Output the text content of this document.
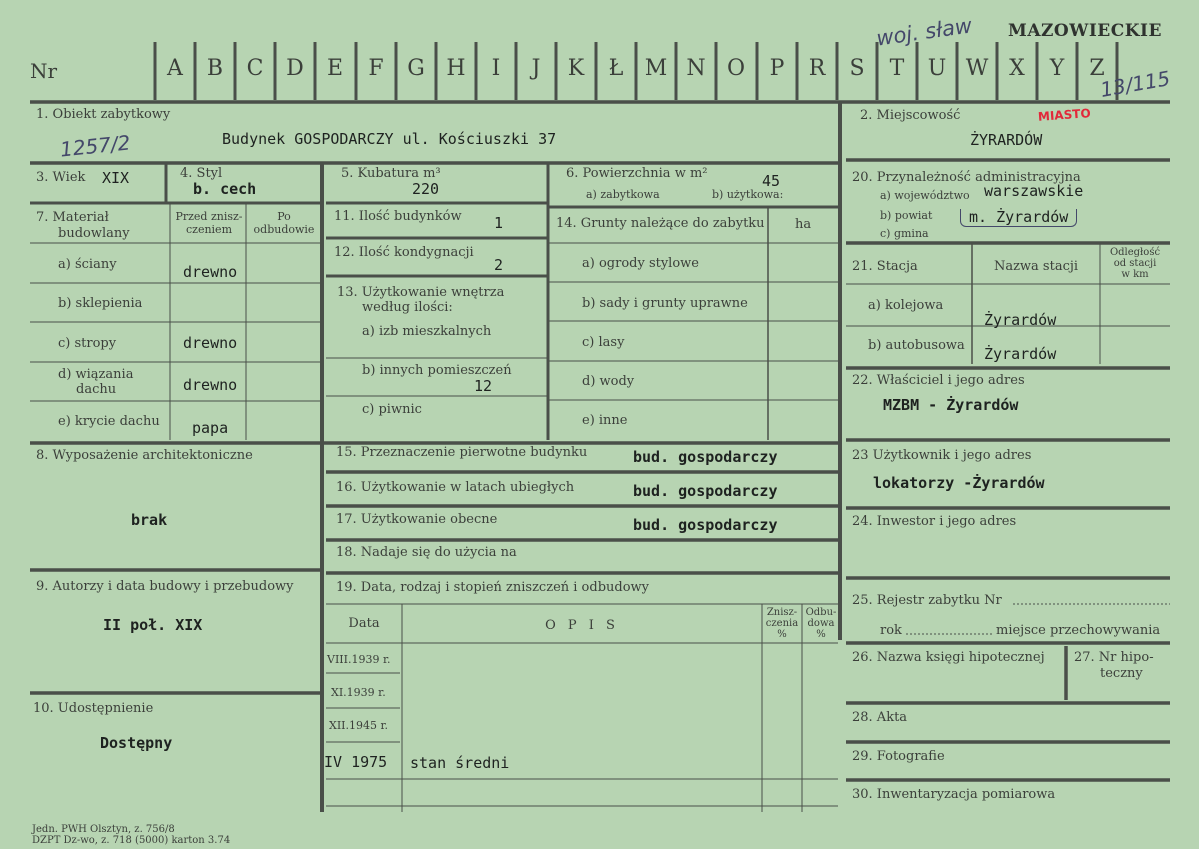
Nr	A	B	C	D	E	F	G H	I	J	K	Ł M N O	P	R	S	T	U W X	Y	Z
MAZOWIECKIE
woj. sław
13/115
1. Obiekt zabytkowy
Budynek GOSPODARCZY ul. Kościuszki 37
1257/2
3. Wiek XIX	4. Styl
b. cech
7. Materiał
budowlany
Przed znisz-
czeniem
Po
odbudowie
a) ściany	drewno
b) sklepienia
c) stropy	drewno
d) wiązania
dachu	drewno
e) krycie dachu papa
8. Wyposażenie architektoniczne
brak
9. Autorzy i data budowy i przebudowy
II poł. XIX
10. Udostępnienie
Dostępny
Jedn. PWH Olsztyn, z. 756/8
DZPT Dz-wo, z. 718 (5000) karton 3.74
5. Kubatura m³
220
11. Ilość budynków 1
12. Ilość kondygnacji
2
13. Użytkowanie wnętrza
według ilości:
a) izb mieszkalnych
b) innych pomieszczeń
12
c) piwnic
6. Powierzchnia w m²
a) zabytkowa	b) użytkowa:
45
14. Grunty należące do zabytku ha
a) ogrody stylowe
b) sady i grunty uprawne
c) lasy
d) wody
e) inne
15. Przeznaczenie pierwotne budynku	bud. gospodarczy
16. Użytkowanie w latach ubiegłych	bud. gospodarczy
17. Użytkowanie obecne	bud. gospodarczy
18. Nadaje się do użycia na
19. Data, rodzaj i stopień zniszczeń i odbudowy
Data	O P I S
Znisz-
czenia
%
Odbu-
dowa
%
VIII.1939 r.
XI.1939 r.
XII.1945 r.
IV 1975 stan średni
2. Miejscowość	MIASTO
ŻYRARDÓW
20. Przynależność administracyjna
a) województwo warszawskie
b) powiat	m. Żyrardów
c) gmina
21. Stacja	Nazwa stacji
Odległość
od stacji
w km
a) kolejowa
Żyrardów
b) autobusowa Żyrardów
22. Właściciel i jego adres
MZBM - Żyrardów
23 Użytkownik i jego adres
lokatorzy -Żyrardów
24. Inwestor i jego adres
25. Rejestr zabytku Nr
rok	miejsce przechowywania
26. Nazwa księgi hipotecznej 27. Nr hipo-
teczny
28. Akta
29. Fotografie
30. Inwentaryzacja pomiarowa
